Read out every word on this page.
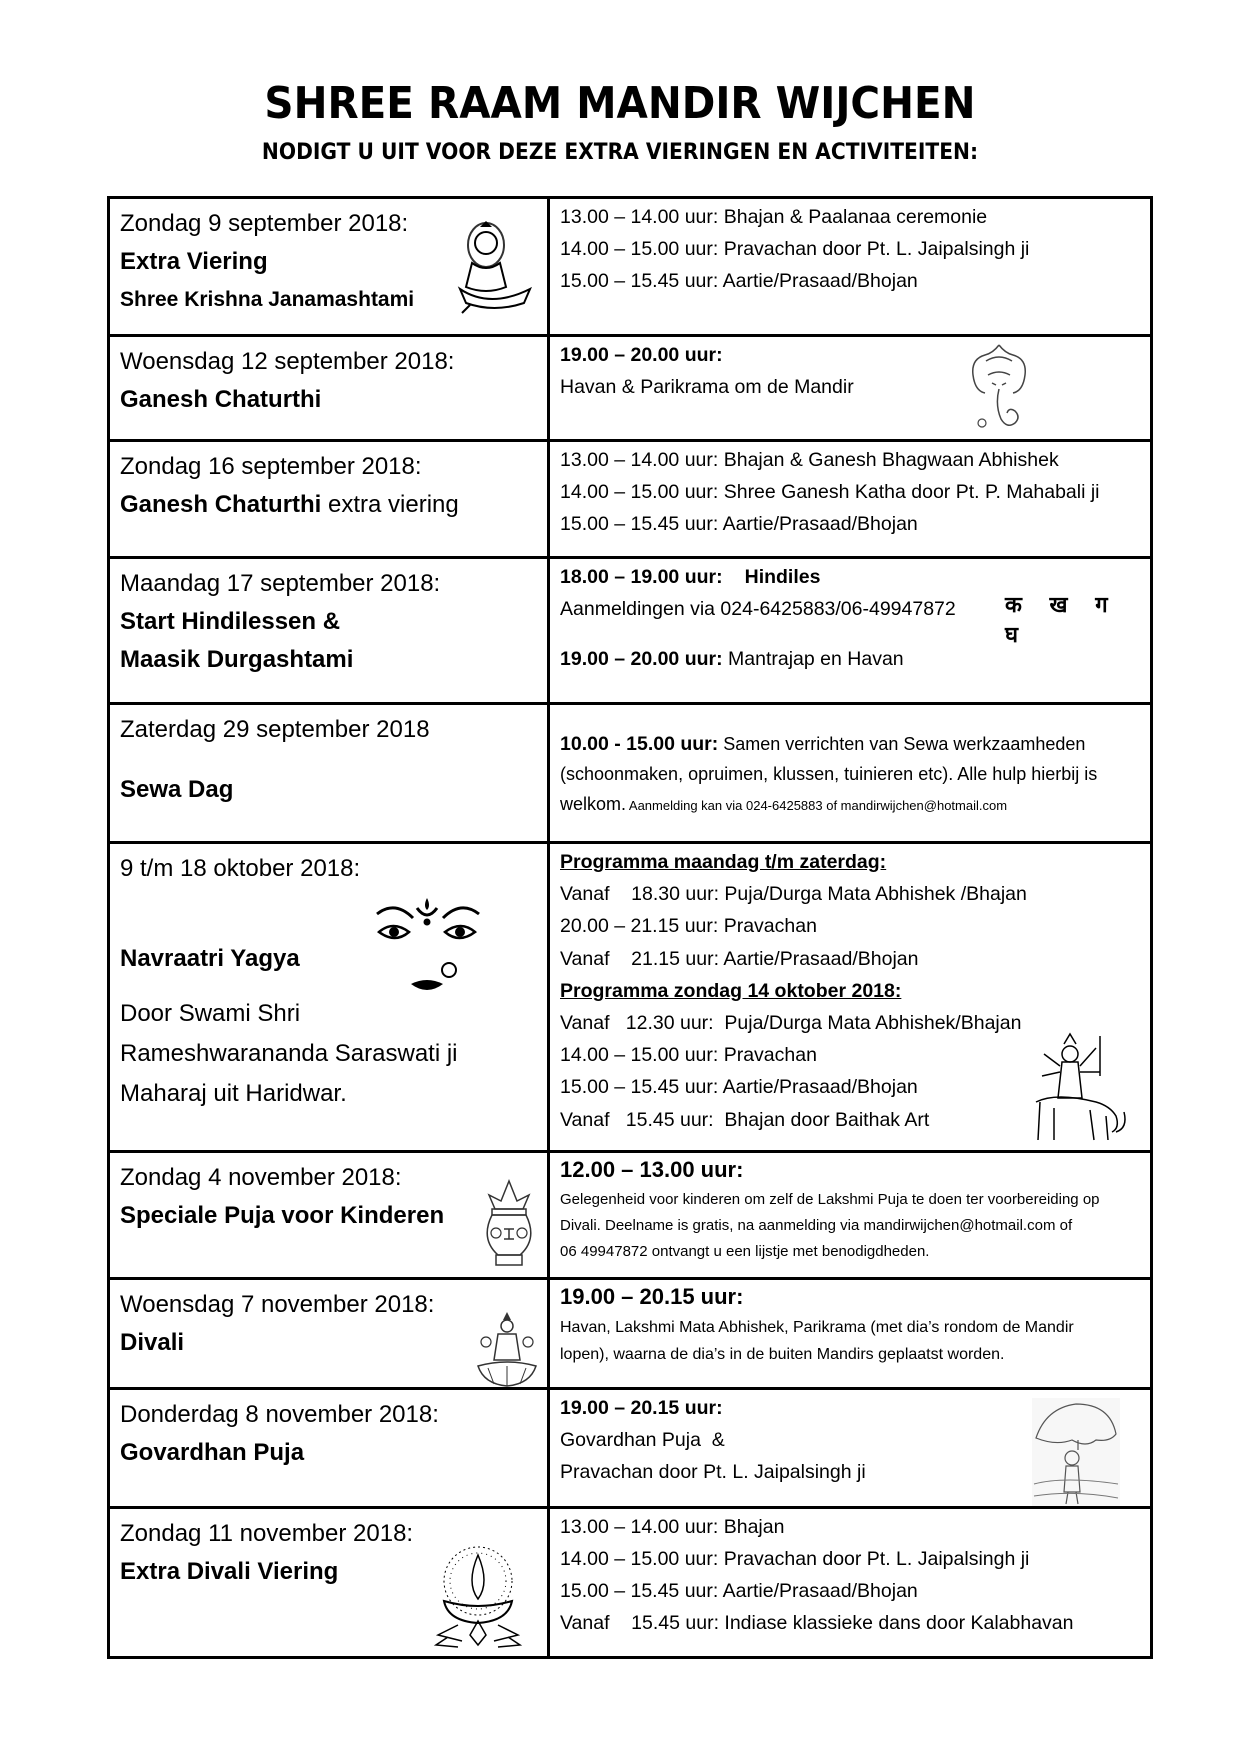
SHREE RAAM MANDIR WIJCHEN
NODIGT U UIT VOOR DEZE EXTRA VIERINGEN EN ACTIVITEITEN:
Zondag 9 september 2018:
Extra Viering
Shree Krishna Janamashtami

13.00 – 14.00 uur: Bhajan & Paalanaa ceremonie
14.00 – 15.00 uur: Pravachan door Pt. L. Jaipalsingh ji
15.00 – 15.45 uur: Aartie/Prasaad/Bhojan

Woensdag 12 september 2018:
Ganesh Chaturthi

19.00 – 20.00 uur:
Havan & Parikrama om de Mandir

Zondag 16 september 2018:
Ganesh Chaturthi extra viering

13.00 – 14.00 uur: Bhajan & Ganesh Bhagwaan Abhishek
14.00 – 15.00 uur: Shree Ganesh Katha door Pt. P. Mahabali ji
15.00 – 15.45 uur: Aartie/Prasaad/Bhojan

Maandag 17 september 2018:
Start Hindilessen &
Maasik Durgashtami

18.00 – 19.00 uur: Hindiles
Aanmeldingen via 024-6425883/06-49947872
19.00 – 20.00 uur: Mantrajap en Havan
क ख ग घ

Zaterdag 29 september 2018
Sewa Dag	10.00 - 15.00 uur: Samen verrichten van Sewa werkzaamheden (schoonmaken, opruimen, klussen, tuinieren etc). Alle hulp hierbij is welkom. Aanmelding kan via 024-6425883 of mandirwijchen@hotmail.com

9 t/m 18 oktober 2018:
Navraatri Yagya
Door Swami Shri
Rameshwarananda Saraswati ji
Maharaj uit Haridwar.

Programma maandag t/m zaterdag:
Vanaf    18.30 uur: Puja/Durga Mata Abhishek /Bhajan
20.00 – 21.15 uur: Pravachan
Vanaf    21.15 uur: Aartie/Prasaad/Bhojan
Programma zondag 14 oktober 2018:
Vanaf   12.30 uur:  Puja/Durga Mata Abhishek/Bhajan
14.00 – 15.00 uur: Pravachan
15.00 – 15.45 uur: Aartie/Prasaad/Bhojan
Vanaf   15.45 uur:  Bhajan door Baithak Art

Zondag 4 november 2018:
Speciale Puja voor Kinderen

12.00 – 13.00 uur:
Gelegenheid voor kinderen om zelf de Lakshmi Puja te doen ter voorbereiding op
Divali. Deelname is gratis, na aanmelding via mandirwijchen@hotmail.com of
06 49947872 ontvangt u een lijstje met benodigdheden.

Woensdag 7 november 2018:
Divali

19.00 – 20.15 uur:
Havan, Lakshmi Mata Abhishek, Parikrama (met dia’s rondom de Mandir
lopen), waarna de dia’s in de buiten Mandirs geplaatst worden.

Donderdag 8 november 2018:
Govardhan Puja

19.00 – 20.15 uur:
Govardhan Puja  &
Pravachan door Pt. L. Jaipalsingh ji

Zondag 11 november 2018:
Extra Divali Viering

13.00 – 14.00 uur: Bhajan
14.00 – 15.00 uur: Pravachan door Pt. L. Jaipalsingh ji
15.00 – 15.45 uur: Aartie/Prasaad/Bhojan
Vanaf    15.45 uur: Indiase klassieke dans door Kalabhavan
